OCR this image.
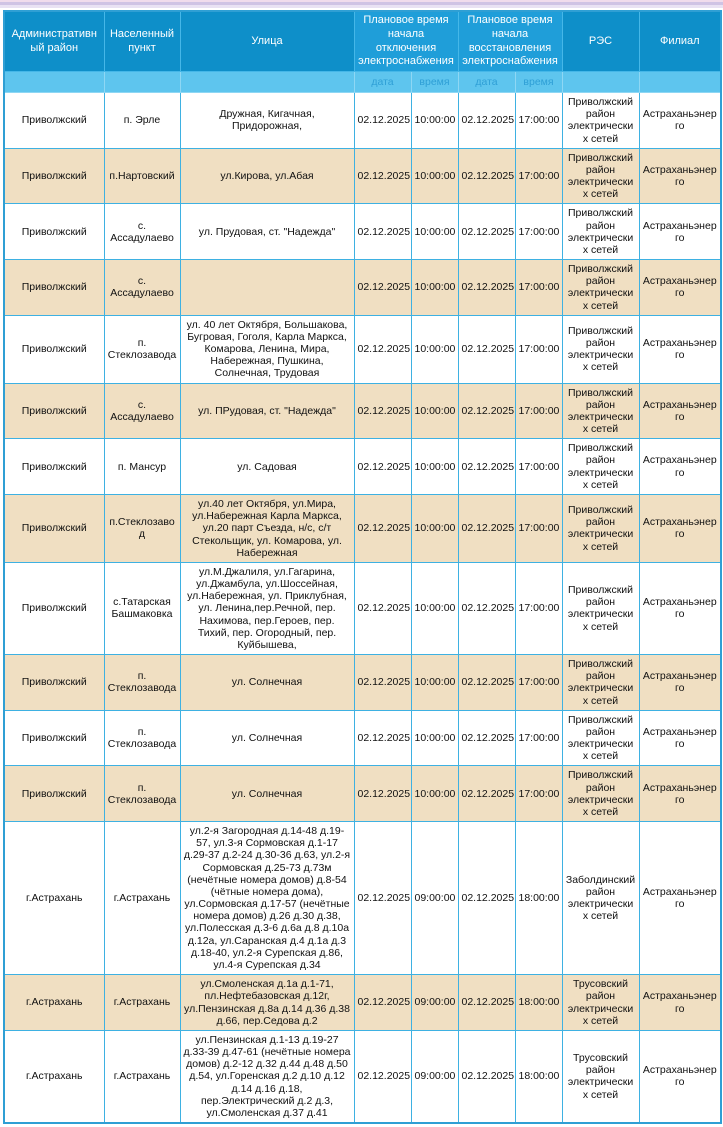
Административный район	Населенный пункт	Улица	Плановое время начала отключения электроснабжения		Плановое время начала восстановления электроснабжения		РЭС	Филиал
			дата	время	дата	время		
Приволжский	п. Эрле	Дружная, Кигачная, Придорожная,	02.12.2025	10:00:00	02.12.2025	17:00:00	Приволжский район электрических сетей	Астраханьэнерго
Приволжский	п.Нартовский	ул.Кирова, ул.Абая	02.12.2025	10:00:00	02.12.2025	17:00:00	Приволжский район электрических сетей	Астраханьэнерго
Приволжский	с. Ассадулаево	ул. Прудовая, ст. "Надежда"	02.12.2025	10:00:00	02.12.2025	17:00:00	Приволжский район электрических сетей	Астраханьэнерго
Приволжский	с. Ассадулаево		02.12.2025	10:00:00	02.12.2025	17:00:00	Приволжский район электрических сетей	Астраханьэнерго
Приволжский	п. Стеклозавода	ул. 40 лет Октября, Большакова, Бугровая, Гоголя, Карла Маркса, Комарова, Ленина, Мира, Набережная, Пушкина, Солнечная, Трудовая	02.12.2025	10:00:00	02.12.2025	17:00:00	Приволжский район электрических сетей	Астраханьэнерго
Приволжский	с. Ассадулаево	ул. ПРудовая, ст. "Надежда"	02.12.2025	10:00:00	02.12.2025	17:00:00	Приволжский район электрических сетей	Астраханьэнерго
Приволжский	п. Мансур	ул. Садовая	02.12.2025	10:00:00	02.12.2025	17:00:00	Приволжский район электрических сетей	Астраханьэнерго
Приволжский	п.Стеклозавод	ул.40 лет Октября, ул.Мира, ул.Набережная Карла Маркса, ул.20 парт Съезда, н/с, с/т Стекольщик, ул. Комарова, ул. Набережная	02.12.2025	10:00:00	02.12.2025	17:00:00	Приволжский район электрических сетей	Астраханьэнерго
Приволжский	с.Татарская Башмаковка	ул.М.Джалиля, ул.Гагарина, ул.Джамбула, ул.Шоссейная, ул.Набережная, ул. Приклубная, ул. Ленина,пер.Речной, пер. Нахимова, пер.Героев, пер. Тихий, пер. Огородный, пер. Куйбышева,	02.12.2025	10:00:00	02.12.2025	17:00:00	Приволжский район электрических сетей	Астраханьэнерго
Приволжский	п. Стеклозавода	ул. Солнечная	02.12.2025	10:00:00	02.12.2025	17:00:00	Приволжский район электрических сетей	Астраханьэнерго
Приволжский	п. Стеклозавода	ул. Солнечная	02.12.2025	10:00:00	02.12.2025	17:00:00	Приволжский район электрических сетей	Астраханьэнерго
Приволжский	п. Стеклозавода	ул. Солнечная	02.12.2025	10:00:00	02.12.2025	17:00:00	Приволжский район электрических сетей	Астраханьэнерго
г.Астрахань	г.Астрахань	ул.2-я Загородная д.14-48 д.19-57, ул.3-я Сормовская д.1-17 д.29-37 д.2-24 д.30-36 д.63, ул.2-я Сормовская д.25-73 д.73м (нечётные номера домов) д.8-54 (чётные номера дома), ул.Сормовская д.17-57 (нечётные номера домов) д.26 д.30 д.38, ул.Полесская д.3-6 д.6а д.8 д.10а д.12а, ул.Саранская д.4 д.1а д.3 д.18-40, ул.2-я Сурепская д.86, ул.4-я Сурепская д.34	02.12.2025	09:00:00	02.12.2025	18:00:00	Заболдинский район электрических сетей	Астраханьэнерго
г.Астрахань	г.Астрахань	ул.Смоленская д.1а д.1-71, пл.Нефтебазовская д.12г, ул.Пензинская д.8а д.14 д.36 д.38 д.66, пер.Седова д.2	02.12.2025	09:00:00	02.12.2025	18:00:00	Трусовский район электрических сетей	Астраханьэнерго
г.Астрахань	г.Астрахань	ул.Пензинская д.1-13 д.19-27 д.33-39 д.47-61 (нечётные номера домов) д.2-12 д.32 д.44 д.48 д.50 д.54, ул.Горенская д.2 д.10 д.12 д.14 д.16 д.18, пер.Электрический д.2 д.3, ул.Смоленская д.37 д.41	02.12.2025	09:00:00	02.12.2025	18:00:00	Трусовский район электрических сетей	Астраханьэнерго
